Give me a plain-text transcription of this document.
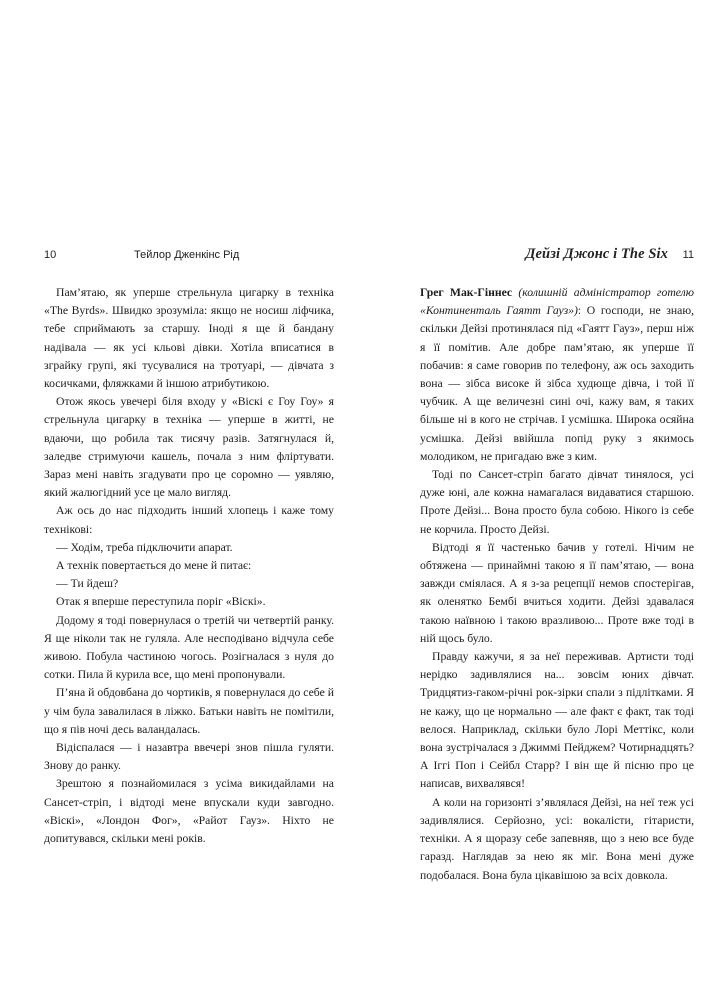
10	Тейлор Дженкінс Рід

Пам’ятаю, як уперше стрельнула цигарку в техніка «The Byrds». Швидко зрозуміла: якщо не носиш ліфчика, тебе сприймають за старшу. Іноді я ще й бандану надівала — як усі кльові дівки. Хотіла вписатися в зграйку групі, які тусувалися на тротуарі, — дівчата з косичками, фляжками й іншою атрибутикою.

Отож якось увечері біля входу у «Віскі є Гоу Гоу» я стрельнула цигарку в техніка — уперше в житті, не вдаючи, що робила так тисячу разів. Затягнулася й, заледве стримуючи кашель, почала з ним фліртувати. Зараз мені навіть згадувати про це соромно — уявляю, який жалюгідний усе це мало вигляд.

Аж ось до нас підходить інший хлопець і каже тому технікові:

— Ходім, треба підключити апарат.

А технік повертається до мене й питає:

— Ти йдеш?

Отак я вперше переступила поріг «Віскі».

Додому я тоді повернулася о третій чи четвертій ранку. Я ще ніколи так не гуляла. Але несподівано відчула себе живою. Побула частиною чогось. Розігналася з нуля до сотки. Пила й курила все, що мені пропонували.

П’яна й обдовбана до чортиків, я повернулася до себе й у чім була завалилася в ліжко. Батьки навіть не помітили, що я пів ночі десь валандалась.

Відіспалася — і назавтра ввечері знов пішла гуляти. Знову до ранку.

Зрештою я познайомилася з усіма викидайлами на Сансет-стріп, і відтоді мене впускали куди завгодно. «Віскі», «Лондон Фог», «Райот Гауз». Ніхто не допитувався, скільки мені років.

Дейзі Джонс і The Six 11

Грег Мак-Гіннес (колишній адміністратор готелю «Континенталь Гаятт Гауз»): О господи, не знаю, скільки Дейзі протинялася під «Гаятт Гауз», перш ніж я її помітив. Але добре пам’ятаю, як уперше її побачив: я саме говорив по телефону, аж ось заходить вона — зібса високе й зібса худюще дівча, і той її чубчик. А ще величезні сині очі, кажу вам, я таких більше ні в кого не стрічав. І усмішка. Широка осяйна усмішка. Дейзі ввійшла попід руку з якимось молодиком, не пригадаю вже з ким.

Тоді по Сансет-стріп багато дівчат тинялося, усі дуже юні, але кожна намагалася видаватися старшою. Проте Дейзі... Вона просто була собою. Нікого із себе не корчила. Просто Дейзі.

Відтоді я її частенько бачив у готелі. Нічим не обтяжена — принаймні такою я її пам’ятаю, — вона завжди сміялася. А я з-за рецепції немов спостерігав, як оленятко Бембі вчиться ходити. Дейзі здавалася такою наївною і такою вразливою... Проте вже тоді в ній щось було.

Правду кажучи, я за неї переживав. Артисти тоді нерідко задивлялися на... зовсім юних дівчат. Тридцятиз-гаком-річні рок-зірки спали з підлітками. Я не кажу, що це нормально — але факт є факт, так тоді велося. Наприклад, скільки було Лорі Меттікс, коли вона зустрічалася з Джиммі Пейджем? Чотирнадцять? А Іггі Поп і Сейбл Старр? І він ще й пісню про це написав, вихвалявся!

А коли на горизонті з’являлася Дейзі, на неї теж усі задивлялися. Серйозно, усі: вокалісти, гітаристи, техніки. А я щоразу себе запевняв, що з нею все буде гаразд. Наглядав за нею як міг. Вона мені дуже подобалася. Вона була цікавішою за всіх довкола.
